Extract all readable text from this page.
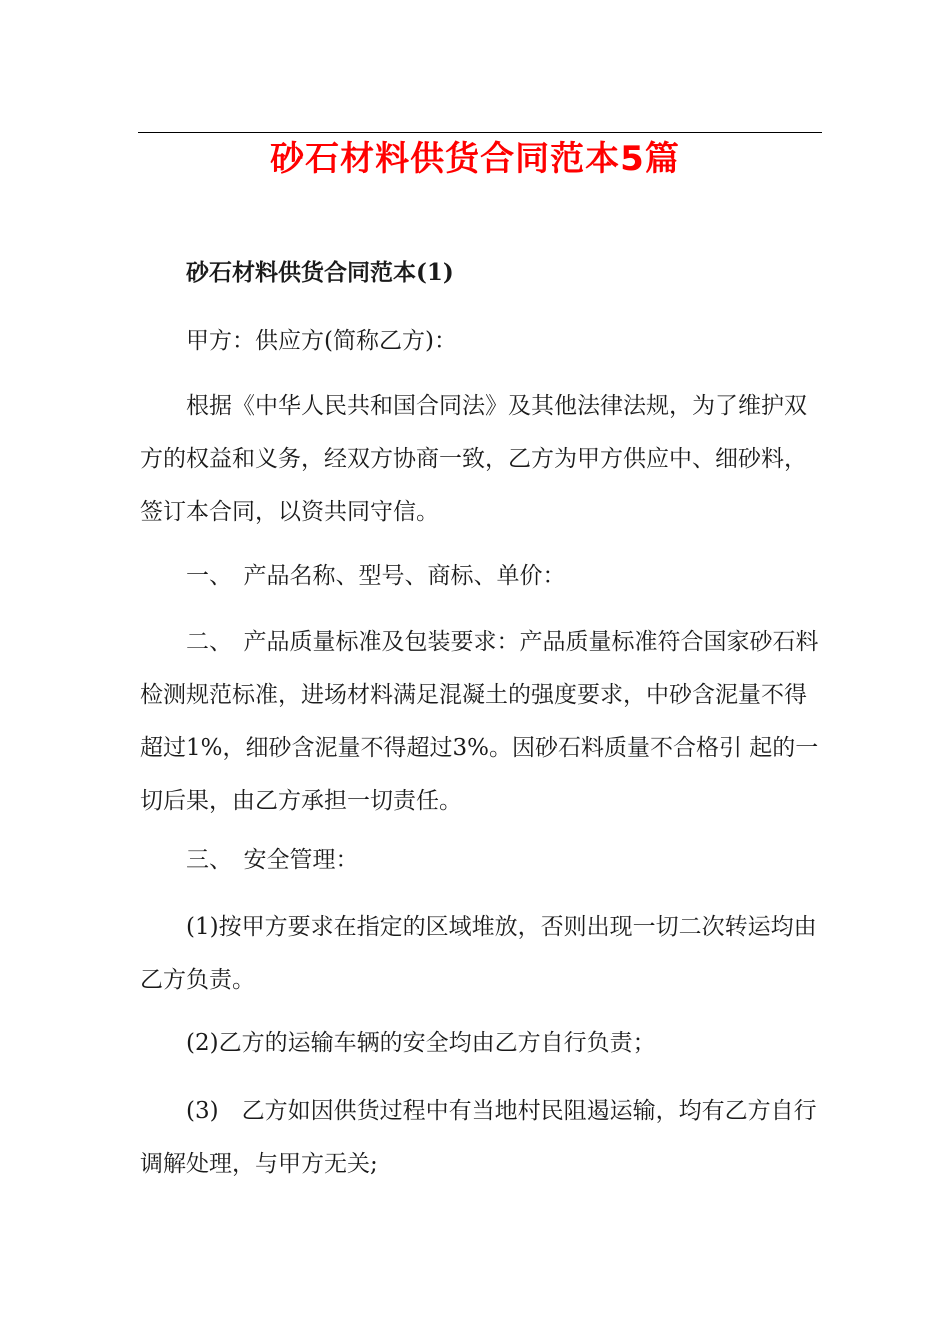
砂石材料供货合同范本5篇

砂石材料供货合同范本(1)

甲方：供应方(简称乙方)：

根据《中华人民共和国合同法》及其他法律法规，为了维护双方的权益和义务，经双方协商一致，乙方为甲方供应中、细砂料，签订本合同，以资共同守信。

一、　产品名称、型号、商标、单价：

二、　产品质量标准及包装要求：产品质量标准符合国家砂石料检测规范标准，进场材料满足混凝土的强度要求，中砂含泥量不得超过1%，细砂含泥量不得超过3%。因砂石料质量不合格引 起的一切后果，由乙方承担一切责任。

三、　安全管理：

(1)按甲方要求在指定的区域堆放，否则出现一切二次转运均由乙方负责。

(2)乙方的运输车辆的安全均由乙方自行负责；

(3)　乙方如因供货过程中有当地村民阻遏运输，均有乙方自行调解处理，与甲方无关;
